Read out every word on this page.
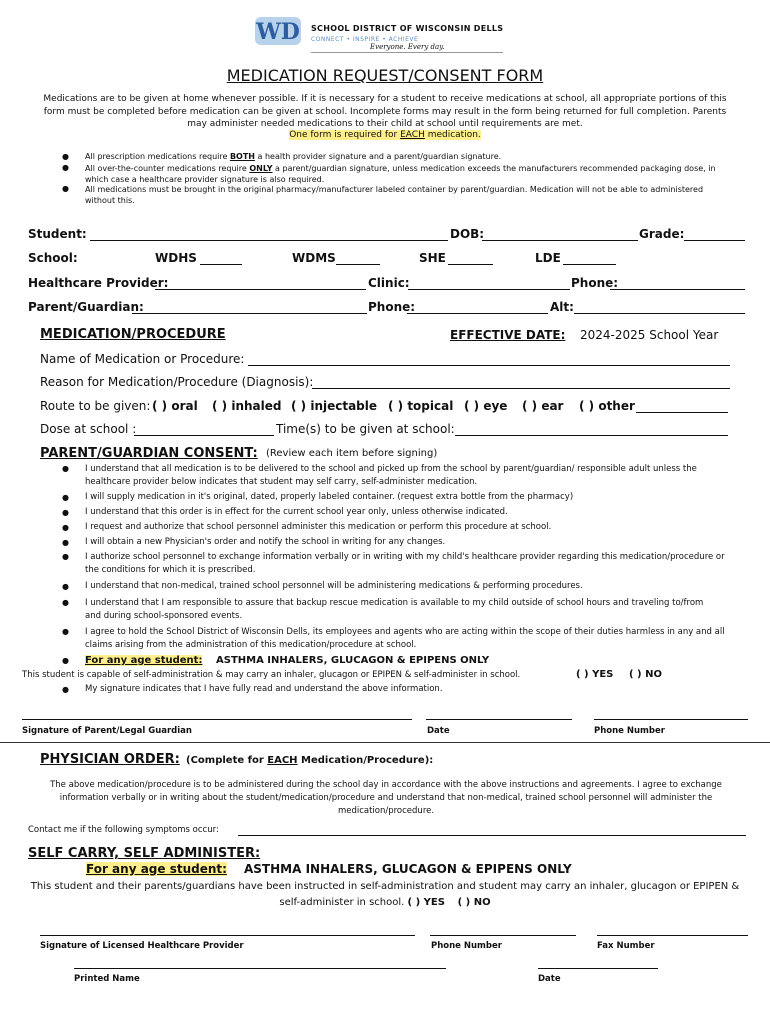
WD SCHOOL DISTRICT OF WISCONSIN DELLS
CONNECT • INSPIRE • ACHIEVE
Everyone. Every day.
MEDICATION REQUEST/CONSENT FORM
Medications are to be given at home whenever possible. If it is necessary for a student to receive medications at school, all appropriate portions of this form must be completed before medication can be given at school. Incomplete forms may result in the form being returned for full completion. Parents may administer needed medications to their child at school until requirements are met.
One form is required for EACH medication.
● All prescription medications require BOTH a health provider signature and a parent/guardian signature.
● All over-the-counter medications require ONLY a parent/guardian signature, unless medication exceeds the manufacturers recommended packaging dose, in which case a healthcare provider signature is also required.
● All medications must be brought in the original pharmacy/manufacturer labeled container by parent/guardian. Medication will not be able to administered without this.
Student:	DOB:	Grade:
School:	WDHS	WDMS	SHE	LDE
Healthcare Provider:	Clinic:	Phone:
Parent/Guardian:	Phone:	Alt:
MEDICATION/PROCEDURE	EFFECTIVE DATE: 2024-2025 School Year
Name of Medication or Procedure:
Reason for Medication/Procedure (Diagnosis):
Route to be given: ( ) oral ( ) inhaled ( ) injectable ( ) topical ( ) eye ( ) ear ( ) other
Dose at school :	Time(s) to be given at school:
PARENT/GUARDIAN CONSENT: (Review each item before signing)
● I understand that all medication is to be delivered to the school and picked up from the school by parent/guardian/ responsible adult unless the healthcare provider below indicates that student may self carry, self-administer medication.
● I will supply medication in it's original, dated, properly labeled container. (request extra bottle from the pharmacy)
● I understand that this order is in effect for the current school year only, unless otherwise indicated.
● I request and authorize that school personnel administer this medication or perform this procedure at school.
● I will obtain a new Physician's order and notify the school in writing for any changes.
● I authorize school personnel to exchange information verbally or in writing with my child's healthcare provider regarding this medication/procedure or the conditions for which it is prescribed.
● I understand that non-medical, trained school personnel will be administering medications & performing procedures.
● I understand that I am responsible to assure that backup rescue medication is available to my child outside of school hours and traveling to/from and during school-sponsored events.
● I agree to hold the School District of Wisconsin Dells, its employees and agents who are acting within the scope of their duties harmless in any and all claims arising from the administration of this medication/procedure at school.
● For any age student: ASTHMA INHALERS, GLUCAGON & EPIPENS ONLY
This student is capable of self-administration & may carry an inhaler, glucagon or EPIPEN & self-administer in school.	( ) YES ( ) NO
● My signature indicates that I have fully read and understand the above information.
Signature of Parent/Legal Guardian	Date	Phone Number
PHYSICIAN ORDER: (Complete for EACH Medication/Procedure):
The above medication/procedure is to be administered during the school day in accordance with the above instructions and agreements. I agree to exchange information verbally or in writing about the student/medication/procedure and understand that non-medical, trained school personnel will administer the medication/procedure.
Contact me if the following symptoms occur:
SELF CARRY, SELF ADMINISTER:
For any age student: ASTHMA INHALERS, GLUCAGON & EPIPENS ONLY
This student and their parents/guardians have been instructed in self-administration and student may carry an inhaler, glucagon or EPIPEN & self-administer in school. ( ) YES ( ) NO
Signature of Licensed Healthcare Provider	Phone Number	Fax Number
Printed Name	Date
